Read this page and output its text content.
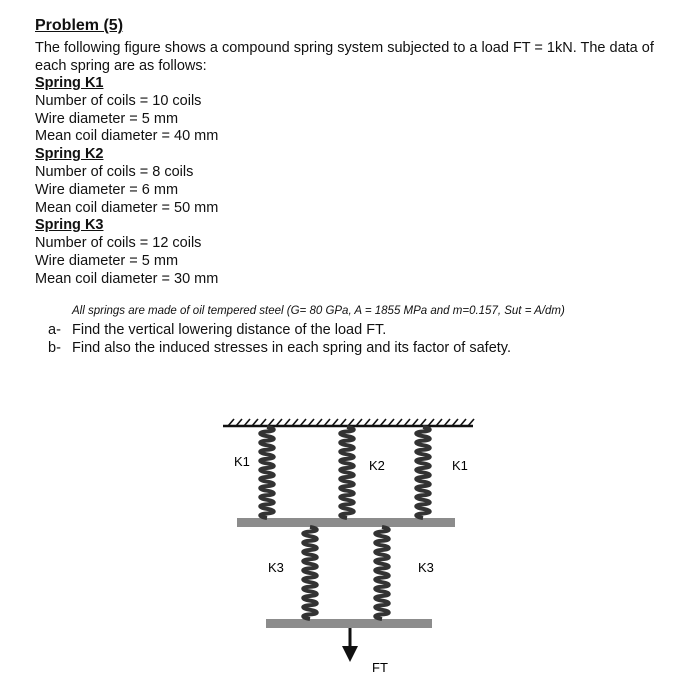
Problem (5)
The following figure shows a compound spring system subjected to a load FT = 1kN. The data of each spring are as follows:
Spring K1
Number of coils = 10 coils
Wire diameter = 5 mm
Mean coil diameter = 40 mm
Spring K2
Number of coils = 8 coils
Wire diameter = 6 mm
Mean coil diameter = 50 mm
Spring K3
Number of coils = 12 coils
Wire diameter = 5 mm
Mean coil diameter = 30 mm
All springs are made of oil tempered steel (G= 80 GPa, A = 1855 MPa and m=0.157, Sut = A/dm)
a- Find the vertical lowering distance of the load FT.
b- Find also the induced stresses in each spring and its factor of safety.
K1	K2	K1
K3	K3
FT
